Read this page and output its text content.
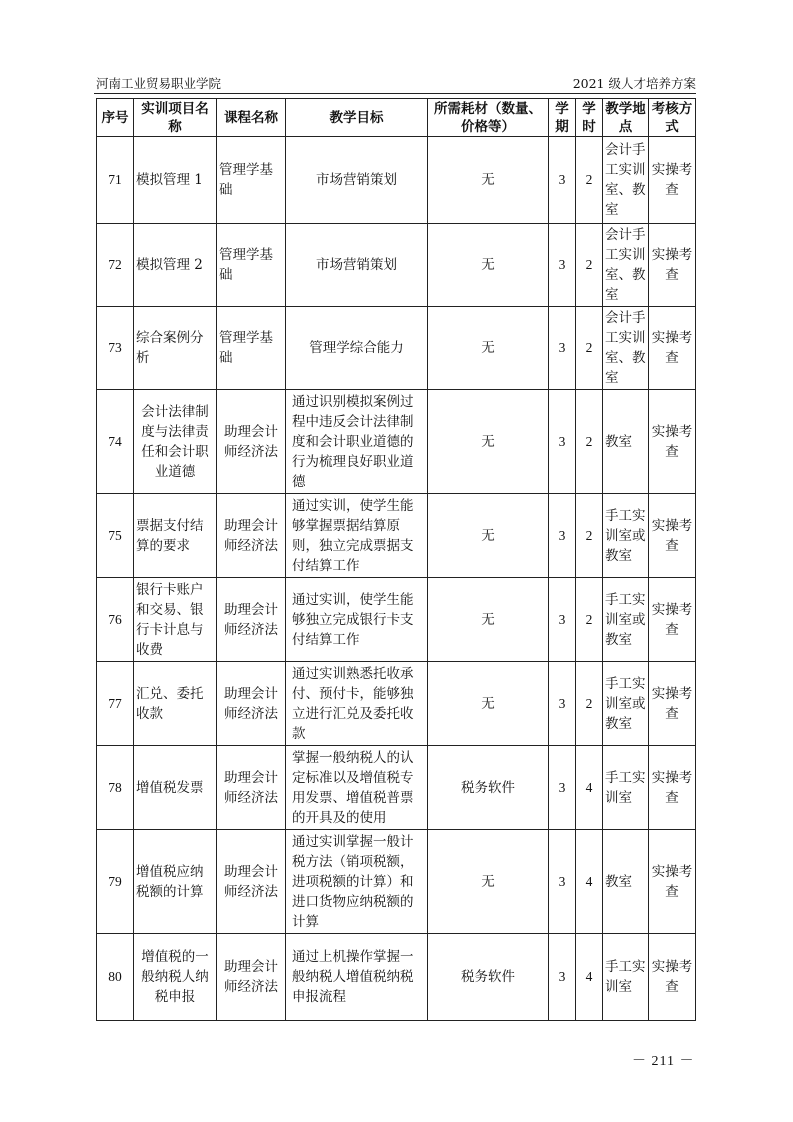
河南工业贸易职业学院	2021 级人才培养方案
序号	实训项目名称	课程名称	教学目标	所需耗材（数量、价格等）	学期	学时	教学地点	考核方式
71	模拟管理 1	管理学基础	市场营销策划	无	3	2	会计手工实训室、教室	实操考查
72	模拟管理 2	管理学基础	市场营销策划	无	3	2	会计手工实训室、教室	实操考查
73	综合案例分析	管理学基础	管理学综合能力	无	3	2	会计手工实训室、教室	实操考查
74	会计法律制度与法律责任和会计职业道德	助理会计师经济法	通过识别模拟案例过程中违反会计法律制度和会计职业道德的行为梳理良好职业道德	无	3	2	教室	实操考查
75	票据支付结算的要求	助理会计师经济法	通过实训，使学生能够掌握票据结算原则，独立完成票据支付结算工作	无	3	2	手工实训室或教室	实操考查
76	银行卡账户和交易、银行卡计息与收费	助理会计师经济法	通过实训，使学生能够独立完成银行卡支付结算工作	无	3	2	手工实训室或教室	实操考查
77	汇兑、委托收款	助理会计师经济法	通过实训熟悉托收承付、预付卡，能够独立进行汇兑及委托收款	无	3	2	手工实训室或教室	实操考查
78	增值税发票	助理会计师经济法	掌握一般纳税人的认定标准以及增值税专用发票、增值税普票的开具及的使用	税务软件	3	4	手工实训室	实操考查
79	增值税应纳税额的计算	助理会计师经济法	通过实训掌握一般计税方法（销项税额，进项税额的计算）和进口货物应纳税额的计算	无	3	4	教室	实操考查
80	增值税的一般纳税人纳税申报	助理会计师经济法	通过上机操作掌握一般纳税人增值税纳税申报流程	税务软件	3	4	手工实训室	实操考查
－ 211 －
